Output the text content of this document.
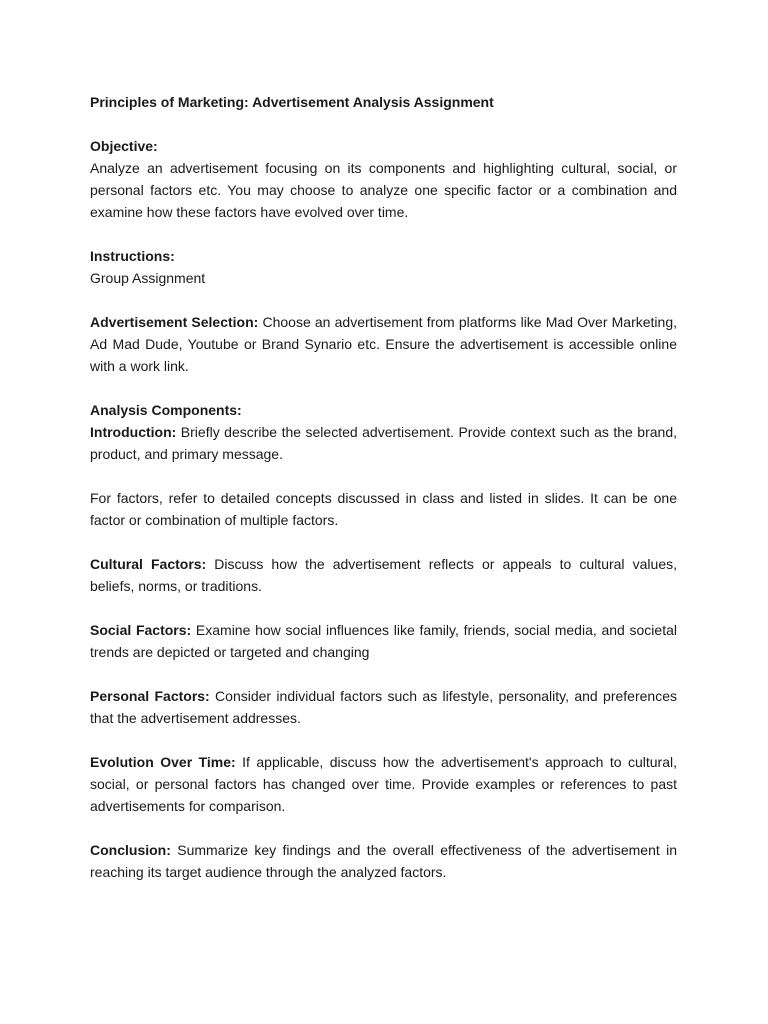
Principles of Marketing: Advertisement Analysis Assignment

Objective:

Analyze an advertisement focusing on its components and highlighting cultural, social, or personal factors etc. You may choose to analyze one specific factor or a combination and examine how these factors have evolved over time.

Instructions:
Group Assignment

Advertisement Selection: Choose an advertisement from platforms like Mad Over Marketing, Ad Mad Dude, Youtube or Brand Synario etc. Ensure the advertisement is accessible online with a work link.

Analysis Components:

Introduction: Briefly describe the selected advertisement. Provide context such as the brand, product, and primary message.

For factors, refer to detailed concepts discussed in class and listed in slides. It can be one factor or combination of multiple factors.

Cultural Factors: Discuss how the advertisement reflects or appeals to cultural values, beliefs, norms, or traditions.

Social Factors: Examine how social influences like family, friends, social media, and societal trends are depicted or targeted and changing

Personal Factors: Consider individual factors such as lifestyle, personality, and preferences that the advertisement addresses.

Evolution Over Time: If applicable, discuss how the advertisement's approach to cultural, social, or personal factors has changed over time. Provide examples or references to past advertisements for comparison.

Conclusion: Summarize key findings and the overall effectiveness of the advertisement in reaching its target audience through the analyzed factors.
